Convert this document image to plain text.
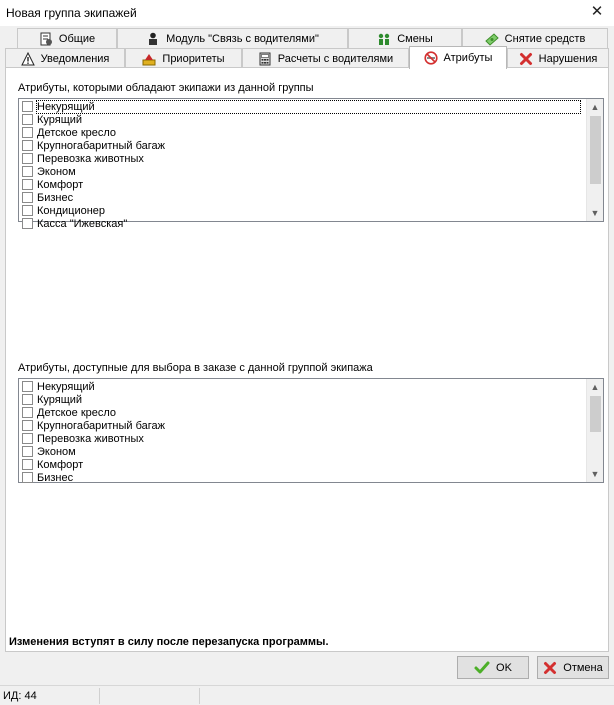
Новая группа экипажей	✕
Общие	Модуль "Связь с водителями"	Смены	Снятие средств
Уведомления	Приоритеты	Расчеты с водителями	Атрибуты	Нарушения
Атрибуты, которыми обладают экипажи из данной группы
Некурящий
Курящий
Детское кресло
Крупногабаритный багаж
Перевозка животных
Эконом
Комфорт
Бизнес
Кондиционер
Касса "Ижевская"
▲
▼
Атрибуты, доступные для выбора в заказе с данной группой экипажа
Некурящий
Курящий
Детское кресло
Крупногабаритный багаж
Перевозка животных
Эконом
Комфорт
Бизнес
▲
▼
Изменения вступят в силу после перезапуска программы.
OK	Отмена
ИД: 44
